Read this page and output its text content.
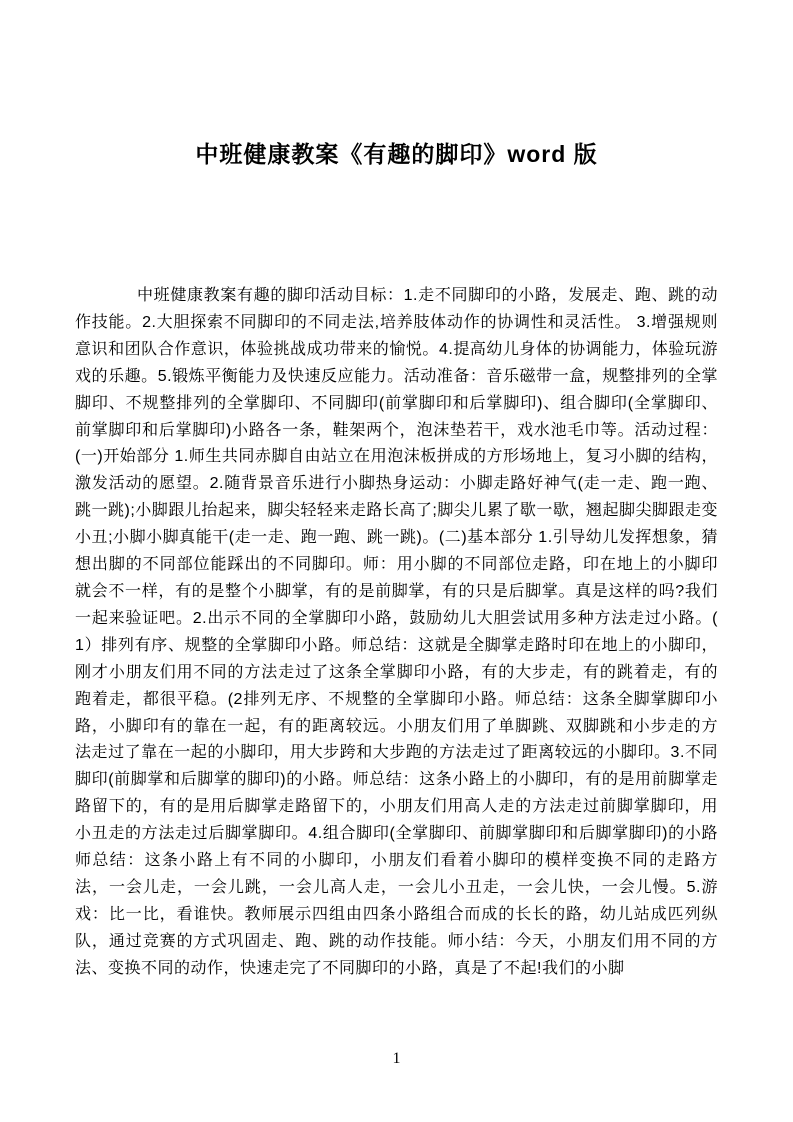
中班健康教案《有趣的脚印》word 版
中班健康教案有趣的脚印活动目标：1.走不同脚印的小路，发展走、跑、跳的动作技能。2.大胆探索不同脚印的不同走法,培养肢体动作的协调性和灵活性。 3.增强规则意识和团队合作意识，体验挑战成功带来的愉悦。4.提高幼儿身体的协调能力，体验玩游戏的乐趣。5.锻炼平衡能力及快速反应能力。活动准备：音乐磁带一盒，规整排列的全掌脚印、不规整排列的全掌脚印、不同脚印(前掌脚印和后掌脚印)、组合脚印(全掌脚印、前掌脚印和后掌脚印)小路各一条，鞋架两个，泡沫垫若干，戏水池毛巾等。活动过程：(一)开始部分 1.师生共同赤脚自由站立在用泡沫板拼成的方形场地上，复习小脚的结构，激发活动的愿望。2.随背景音乐进行小脚热身运动：小脚走路好神气(走一走、跑一跑、跳一跳);小脚跟儿抬起来，脚尖轻轻来走路长高了;脚尖儿累了歇一歇，翘起脚尖脚跟走变小丑;小脚小脚真能干(走一走、跑一跑、跳一跳)。(二)基本部分 1.引导幼儿发挥想象，猜想出脚的不同部位能踩出的不同脚印。师：用小脚的不同部位走路，印在地上的小脚印就会不一样，有的是整个小脚掌，有的是前脚掌，有的只是后脚掌。真是这样的吗?我们一起来验证吧。2.出示不同的全掌脚印小路，鼓励幼儿大胆尝试用多种方法走过小路。( 1）排列有序、规整的全掌脚印小路。师总结：这就是全脚掌走路时印在地上的小脚印，刚才小朋友们用不同的方法走过了这条全掌脚印小路，有的大步走，有的跳着走，有的跑着走，都很平稳。(2排列无序、不规整的全掌脚印小路。师总结：这条全脚掌脚印小路，小脚印有的靠在一起，有的距离较远。小朋友们用了单脚跳、双脚跳和小步走的方法走过了靠在一起的小脚印，用大步跨和大步跑的方法走过了距离较远的小脚印。3.不同脚印(前脚掌和后脚掌的脚印)的小路。师总结：这条小路上的小脚印，有的是用前脚掌走路留下的，有的是用后脚掌走路留下的，小朋友们用高人走的方法走过前脚掌脚印，用小丑走的方法走过后脚掌脚印。4.组合脚印(全掌脚印、前脚掌脚印和后脚掌脚印)的小路师总结：这条小路上有不同的小脚印，小朋友们看着小脚印的模样变换不同的走路方法，一会儿走，一会儿跳，一会儿高人走，一会儿小丑走，一会儿快，一会儿慢。5.游戏：比一比，看谁快。教师展示四组由四条小路组合而成的长长的路，幼儿站成匹列纵队，通过竞赛的方式巩固走、跑、跳的动作技能。师小结：今天，小朋友们用不同的方法、变换不同的动作，快速走完了不同脚印的小路，真是了不起!我们的小脚
1
